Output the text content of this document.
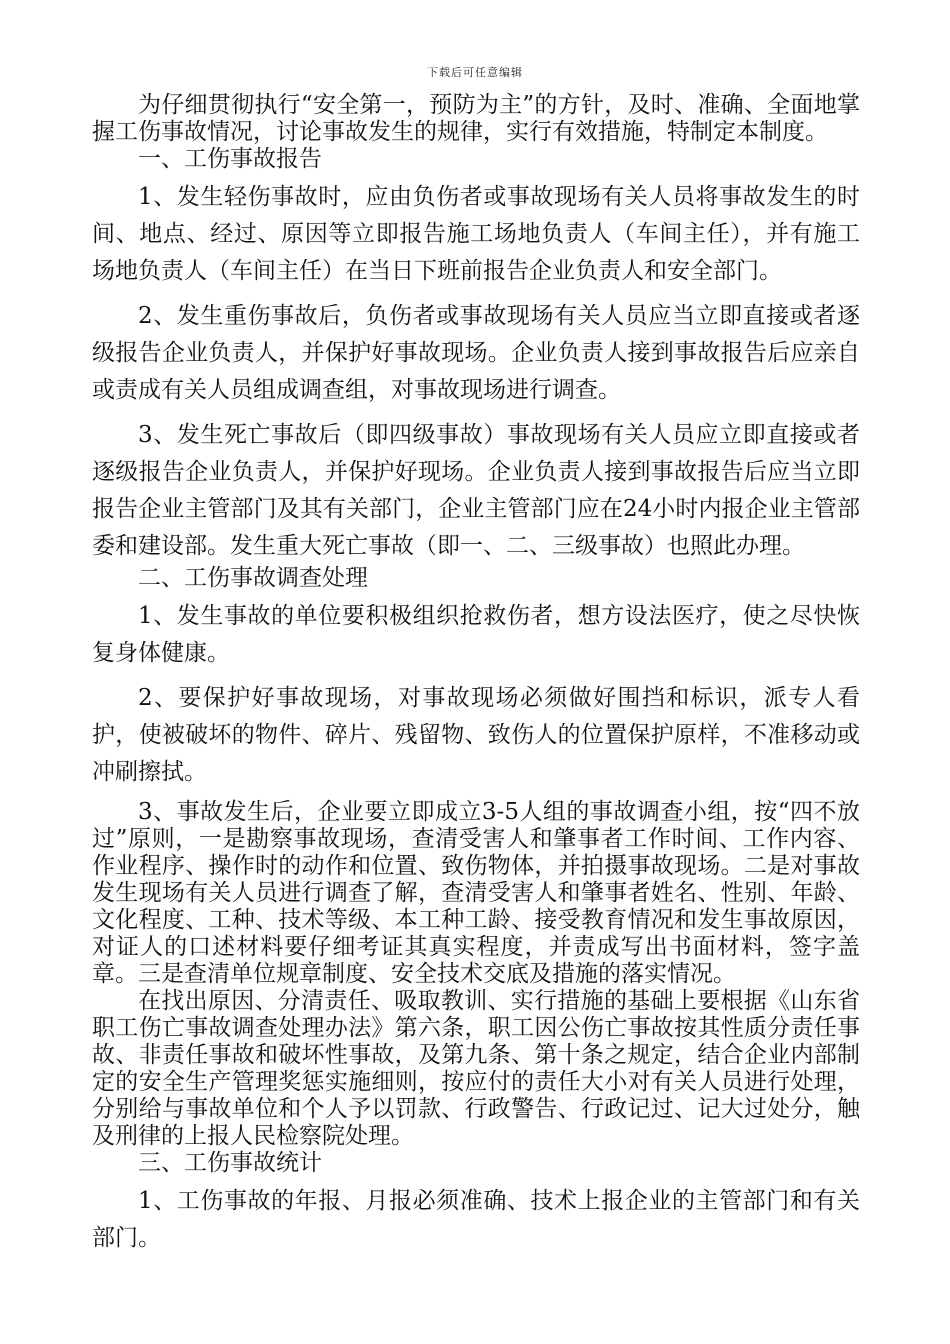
下载后可任意编辑

为仔细贯彻执行“安全第一，预防为主”的方针，及时、准确、全面地掌握工伤事故情况，讨论事故发生的规律，实行有效措施，特制定本制度。

一、工伤事故报告

1、发生轻伤事故时，应由负伤者或事故现场有关人员将事故发生的时间、地点、经过、原因等立即报告施工场地负责人（车间主任），并有施工场地负责人（车间主任）在当日下班前报告企业负责人和安全部门。

2、发生重伤事故后，负伤者或事故现场有关人员应当立即直接或者逐级报告企业负责人，并保护好事故现场。企业负责人接到事故报告后应亲自或责成有关人员组成调查组，对事故现场进行调查。

3、发生死亡事故后（即四级事故）事故现场有关人员应立即直接或者逐级报告企业负责人，并保护好现场。企业负责人接到事故报告后应当立即报告企业主管部门及其有关部门，企业主管部门应在24小时内报企业主管部委和建设部。发生重大死亡事故（即一、二、三级事故）也照此办理。

二、工伤事故调查处理

1、发生事故的单位要积极组织抢救伤者，想方设法医疗，使之尽快恢复身体健康。

2、要保护好事故现场，对事故现场必须做好围挡和标识，派专人看护，使被破坏的物件、碎片、残留物、致伤人的位置保护原样，不准移动或冲刷擦拭。

3、事故发生后，企业要立即成立3-5人组的事故调查小组，按“四不放过”原则，一是勘察事故现场，查清受害人和肇事者工作时间、工作内容、作业程序、操作时的动作和位置、致伤物体，并拍摄事故现场。二是对事故发生现场有关人员进行调查了解，查清受害人和肇事者姓名、性别、年龄、文化程度、工种、技术等级、本工种工龄、接受教育情况和发生事故原因，对证人的口述材料要仔细考证其真实程度，并责成写出书面材料，签字盖章。三是查清单位规章制度、安全技术交底及措施的落实情况。

在找出原因、分清责任、吸取教训、实行措施的基础上要根据《山东省职工伤亡事故调查处理办法》第六条，职工因公伤亡事故按其性质分责任事故、非责任事故和破坏性事故，及第九条、第十条之规定，结合企业内部制定的安全生产管理奖惩实施细则，按应付的责任大小对有关人员进行处理，分别给与事故单位和个人予以罚款、行政警告、行政记过、记大过处分，触及刑律的上报人民检察院处理。

三、工伤事故统计

1、工伤事故的年报、月报必须准确、技术上报企业的主管部门和有关部门。
